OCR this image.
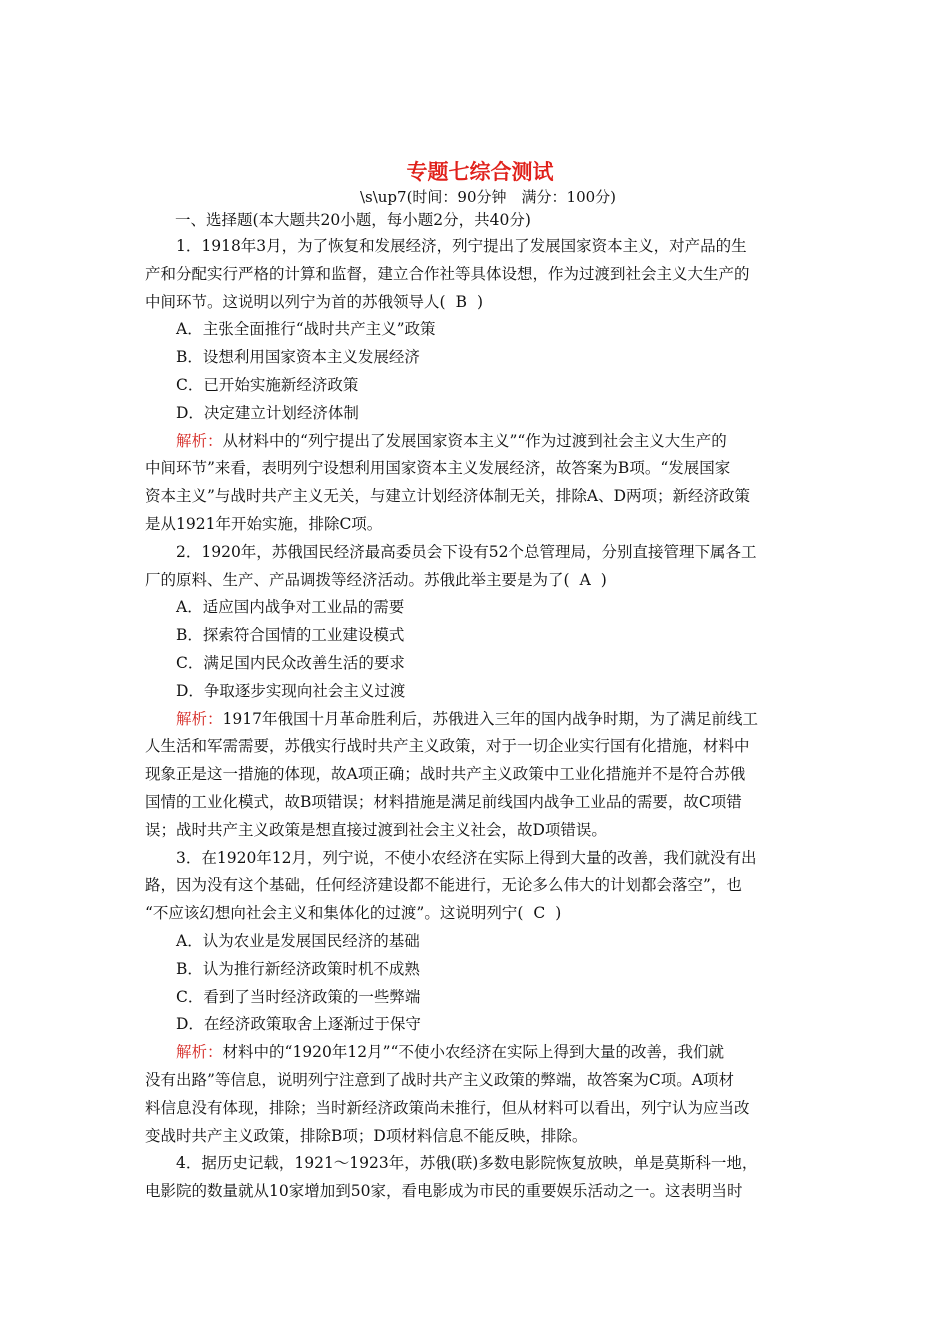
专题七综合测试

\s\up7(时间：90分钟　满分：100分)

一、选择题(本大题共20小题，每小题2分，共40分)

1．1918年3月，为了恢复和发展经济，列宁提出了发展国家资本主义，对产品的生

产和分配实行严格的计算和监督，建立合作社等具体设想，作为过渡到社会主义大生产的

中间环节。这说明以列宁为首的苏俄领导人( B )

A．主张全面推行“战时共产主义”政策

B．设想利用国家资本主义发展经济

C．已开始实施新经济政策

D．决定建立计划经济体制

解析：从材料中的“列宁提出了发展国家资本主义”“作为过渡到社会主义大生产的

中间环节”来看，表明列宁设想利用国家资本主义发展经济，故答案为B项。“发展国家

资本主义”与战时共产主义无关，与建立计划经济体制无关，排除A、D两项；新经济政策

是从1921年开始实施，排除C项。

2．1920年，苏俄国民经济最高委员会下设有52个总管理局，分别直接管理下属各工

厂的原料、生产、产品调拨等经济活动。苏俄此举主要是为了( A )

A．适应国内战争对工业品的需要

B．探索符合国情的工业建设模式

C．满足国内民众改善生活的要求

D．争取逐步实现向社会主义过渡

解析：1917年俄国十月革命胜利后，苏俄进入三年的国内战争时期，为了满足前线工

人生活和军需需要，苏俄实行战时共产主义政策，对于一切企业实行国有化措施，材料中

现象正是这一措施的体现，故A项正确；战时共产主义政策中工业化措施并不是符合苏俄

国情的工业化模式，故B项错误；材料措施是满足前线国内战争工业品的需要，故C项错

误；战时共产主义政策是想直接过渡到社会主义社会，故D项错误。

3．在1920年12月，列宁说，不使小农经济在实际上得到大量的改善，我们就没有出

路，因为没有这个基础，任何经济建设都不能进行，无论多么伟大的计划都会落空”，也

“不应该幻想向社会主义和集体化的过渡”。这说明列宁( C )

A．认为农业是发展国民经济的基础

B．认为推行新经济政策时机不成熟

C．看到了当时经济政策的一些弊端

D．在经济政策取舍上逐渐过于保守

解析：材料中的“1920年12月”“不使小农经济在实际上得到大量的改善，我们就

没有出路”等信息，说明列宁注意到了战时共产主义政策的弊端，故答案为C项。A项材

料信息没有体现，排除；当时新经济政策尚未推行，但从材料可以看出，列宁认为应当改

变战时共产主义政策，排除B项；D项材料信息不能反映，排除。

4．据历史记载，1921～1923年，苏俄(联)多数电影院恢复放映，单是莫斯科一地，

电影院的数量就从10家增加到50家，看电影成为市民的重要娱乐活动之一。这表明当时
